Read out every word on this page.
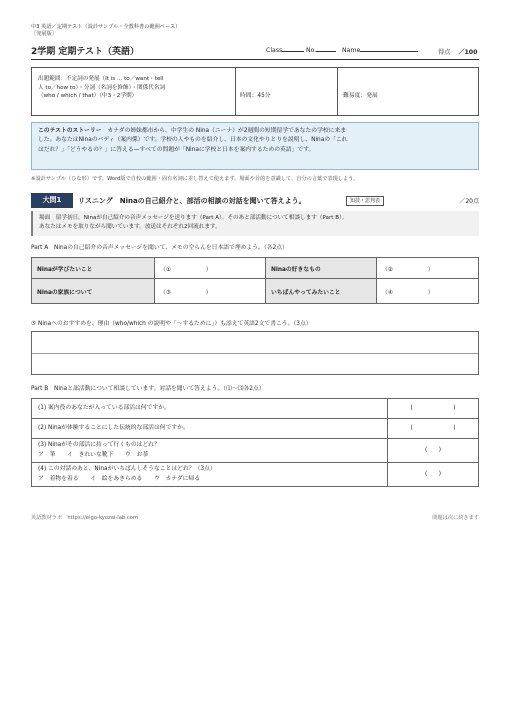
中3 英語／定期テスト（設計サンプル・全教科書の範囲ベース）
［発展版］
2学期 定期テスト（英語）	Class	No.	Name	得点 ／100
出題範囲：不定詞の発展（It is ... to／want・tell
人 to／how to）・分詞（名詞を修飾）・関係代名詞
（who / which / that）（中3・2学期）	時間：45分	難易度：発展
このテストのストーリー　 カナダの姉妹都市から、中学生の Nina（ニーナ）が2週間の短期留学であなたの学校に来ま
した。あなたはNinaのバディ（案内係）です。学校の人やものを紹介し、日本の文化やりとりを説明し、Ninaの「これ
はだれ？」「どうやるの？」に答える—すべての問題が「Ninaに学校と日本を案内するための英語」です。
※設計サンプル（ひな形）です。Word版で自校の範囲・固有名詞に差し替えて使えます。場面や目的を意識して、自分の言葉で表現しよう。
大問1	リスニング　Ninaの自己紹介と、部活の相談の対話を聞いて答えよう。	知技・思判表	／20点
場面　留学初日。Ninaが自己紹介の音声メッセージを送ります（Part A）。そのあと部活動について相談します（Part B）。
あなたはメモを取りながら聞いています。放送はそれぞれ2回流れます。
Part A　Ninaの自己紹介の音声メッセージを聞いて、メモの空らんを日本語で埋めよう。（各2点）
Ninaが学びたいこと	（①　　　　　　）	Ninaの好きなもの	（②　　　　　　）
Ninaの家族について	（③　　　　　　）	いちばんやってみたいこと	（④　　　　　　）
⑤ Ninaへのおすすめを、理由（who/which の説明や「〜するために」）も添えて英語2文で書こう。（3点）
Part B　Ninaと部活動について相談しています。対話を聞いて答えよう。（⑴〜⑶各2点）
(1) 案内役のあなたが入っている部活は何ですか。	(　　　　　　　)

(2) Ninaが体験することにした伝統的な部活は何ですか。	(　　　　　　　)

(3) Ninaがその部活に持って行くものはどれ？
ア　筆　　イ　きれいな靴下　　ウ　お茶	(　　)

(4) この対話のあと、Ninaがいちばんしそうなことはどれ？（3点）
ア　着物を着る　　イ　絵をあきらめる　　ウ　カナダに帰る	(　　)
英語教材ラボ　https://eigo-kyozai-lab.com	問題は次に続きます
